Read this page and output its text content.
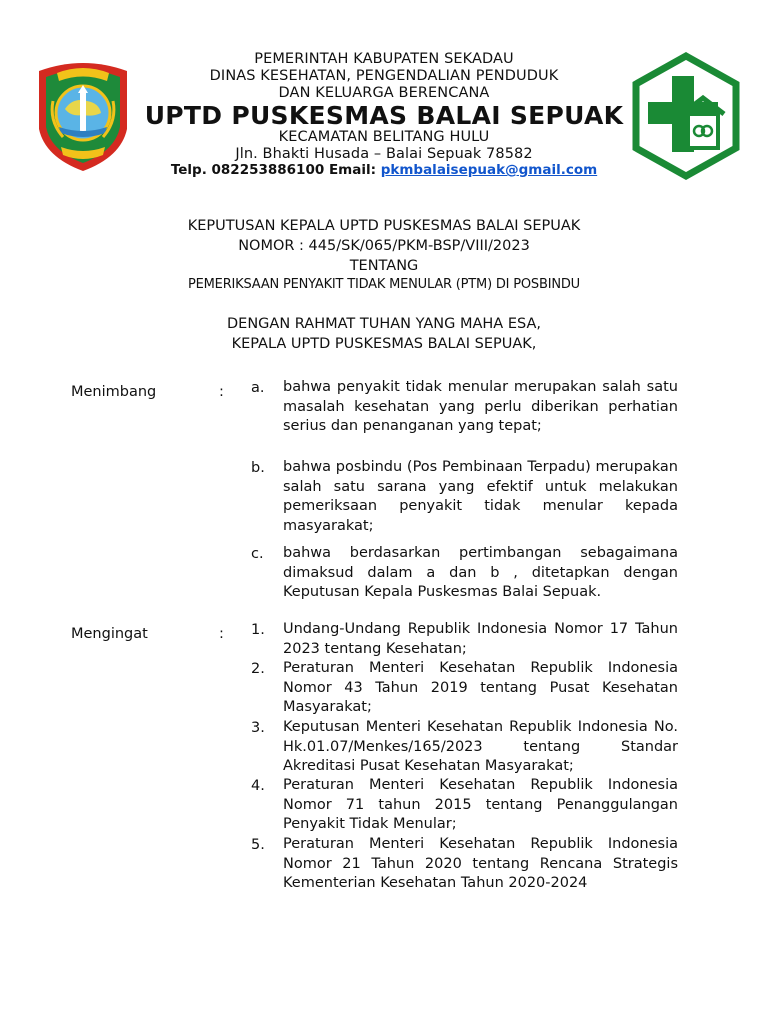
PEMERINTAH KABUPATEN SEKADAU
DINAS KESEHATAN, PENGENDALIAN PENDUDUK
DAN KELUARGA BERENCANA
UPTD PUSKESMAS BALAI SEPUAK
KECAMATAN BELITANG HULU
Jln. Bhakti Husada – Balai Sepuak 78582
Telp. 082253886100 Email: pkmbalaisepuak@gmail.com
KEPUTUSAN KEPALA UPTD PUSKESMAS BALAI SEPUAK
NOMOR : 445/SK/065/PKM-BSP/VIII/2023
TENTANG
PEMERIKSAAN PENYAKIT TIDAK MENULAR (PTM) DI POSBINDU
DENGAN RAHMAT TUHAN YANG MAHA ESA,
KEPALA UPTD PUSKESMAS BALAI SEPUAK,
Menimbang	: a. bahwa penyakit tidak menular merupakan salah satu masalah kesehatan yang perlu diberikan perhatian serius dan penanganan yang tepat;
b. bahwa posbindu (Pos Pembinaan Terpadu) merupakan salah satu sarana yang efektif untuk melakukan pemeriksaan penyakit tidak menular kepada masyarakat;
c. bahwa berdasarkan pertimbangan sebagaimana dimaksud dalam a dan b , ditetapkan dengan Keputusan Kepala Puskesmas Balai Sepuak.
Mengingat	: 1. Undang-Undang Republik Indonesia Nomor 17 Tahun 2023 tentang Kesehatan;
2. Peraturan Menteri Kesehatan Republik Indonesia Nomor 43 Tahun 2019 tentang Pusat Kesehatan Masyarakat;
3. Keputusan Menteri Kesehatan Republik Indonesia No. Hk.01.07/Menkes/165/2023 tentang Standar Akreditasi Pusat Kesehatan Masyarakat;
4. Peraturan Menteri Kesehatan Republik Indonesia Nomor 71 tahun 2015 tentang Penanggulangan Penyakit Tidak Menular;
5. Peraturan Menteri Kesehatan Republik Indonesia Nomor 21 Tahun 2020 tentang Rencana Strategis Kementerian Kesehatan Tahun 2020-2024
